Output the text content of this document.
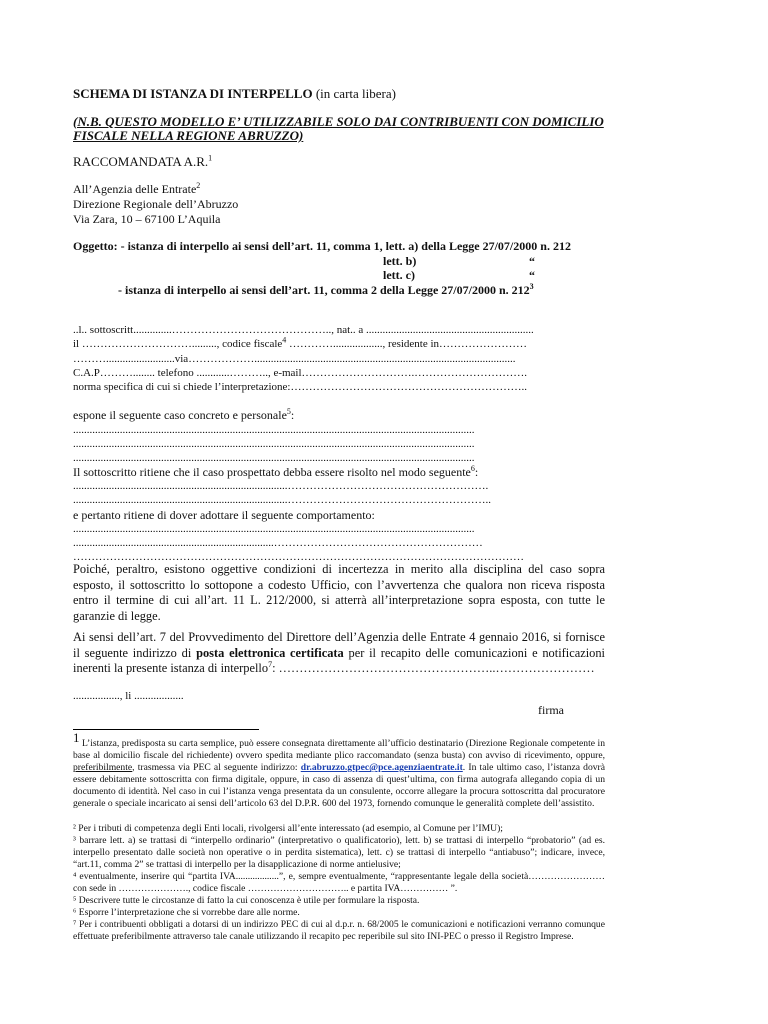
SCHEMA DI ISTANZA DI INTERPELLO (in carta libera)
(N.B. QUESTO MODELLO E’ UTILIZZABILE SOLO DAI CONTRIBUENTI CON DOMICILIO
FISCALE NELLA REGIONE ABRUZZO)
RACCOMANDATA A.R.$^1$
All’Agenzia delle Entrate$^2$
Direzione Regionale dell’Abruzzo
Via Zara, 10 – 67100 L’Aquila
Oggetto: - istanza di interpello ai sensi dell’art. 11, comma 1, lett. a) della Legge 27/07/2000 n. 212
lett. b)	“
lett. c)	“
- istanza di interpello ai sensi dell’art. 11, comma 2 della Legge 27/07/2000 n. $212^3$
..l.. sottoscritt..............…………………………………….., nat.. a .............................................................
il …………………………........., codice fiscale$^4$ ………….................., residente in……………………
……….........................via………………...............................................................................................
C.A.P………........ telefono ............……….., e-mail………………………….………………………….
norma specifica di cui si chiede l’interpretazione:………………………………………………………..
espone il seguente caso concreto e personale$^5$:
..................................................................................................................................................
..................................................................................................................................................
..................................................................................................................................................
Il sottoscritto ritiene che il caso prospettato debba essere risolto nel modo seguente$^6$:
..............................................................................……………………………………………….
..............................................................................………………………………………………..
e pertanto ritiene di dover adottare il seguente comportamento:
..................................................................................................................................................
.........................................................................…………………………………………………
……………………………………………………………………………………………………………
Poiché, peraltro, esistono oggettive condizioni di incertezza in merito alla disciplina del caso sopra esposto, il sottoscritto lo sottopone a codesto Ufficio, con l’avvertenza che qualora non riceva risposta entro il termine di cui all’art. 11 L. 212/2000, si atterrà all’interpretazione sopra esposta, con tutte le garanzie di legge.
Ai sensi dell’art. 7 del Provvedimento del Direttore dell’Agenzia delle Entrate 4 gennaio 2016, si fornisce il seguente indirizzo di posta elettronica certificata per il recapito delle comunicazioni e notificazioni inerenti la presente istanza di interpello$^7$: ……………………………………………..……………………
................., li ..................
firma
1 L’istanza, predisposta su carta semplice, può essere consegnata direttamente all’ufficio destinatario (Direzione Regionale competente in base al domicilio fiscale del richiedente) ovvero spedita mediante plico raccomandato (senza busta) con avviso di ricevimento, oppure, preferibilmente, trasmessa via PEC al seguente indirizzo: dr.abruzzo.gtpec@pce.agenziaentrate.it. In tale ultimo caso, l’istanza dovrà essere debitamente sottoscritta con firma digitale, oppure, in caso di assenza di quest’ultima, con firma autografa allegando copia di un documento di identità. Nel caso in cui l’istanza venga presentata da un consulente, occorre allegare la procura sottoscritta dal procuratore generale o speciale incaricato ai sensi dell’articolo 63 del D.P.R. 600 del 1973, fornendo comunque le generalità complete dell’assistito.
² Per i tributi di competenza degli Enti locali, rivolgersi all’ente interessato (ad esempio, al Comune per l’IMU);
³ barrare lett. a) se trattasi di “interpello ordinario” (interpretativo o qualificatorio), lett. b) se trattasi di interpello “probatorio” (ad es. interpello presentato dalle società non operative o in perdita sistematica), lett. c) se trattasi di interpello “antiabuso”; indicare, invece, “art.11, comma 2” se trattasi di interpello per la disapplicazione di norme antielusive;
⁴ eventualmente, inserire qui “partita IVA..................”, e, sempre eventualmente, “rappresentante legale della società…………………… con sede in …………………., codice fiscale ………………………….. e partita IVA…………… ”.
⁵ Descrivere tutte le circostanze di fatto la cui conoscenza è utile per formulare la risposta.
⁶ Esporre l’interpretazione che si vorrebbe dare alle norme.
⁷ Per i contribuenti obbligati a dotarsi di un indirizzo PEC di cui al d.p.r. n. 68/2005 le comunicazioni e notificazioni verranno comunque effettuate preferibilmente attraverso tale canale utilizzando il recapito pec reperibile sul sito INI-PEC o presso il Registro Imprese.
